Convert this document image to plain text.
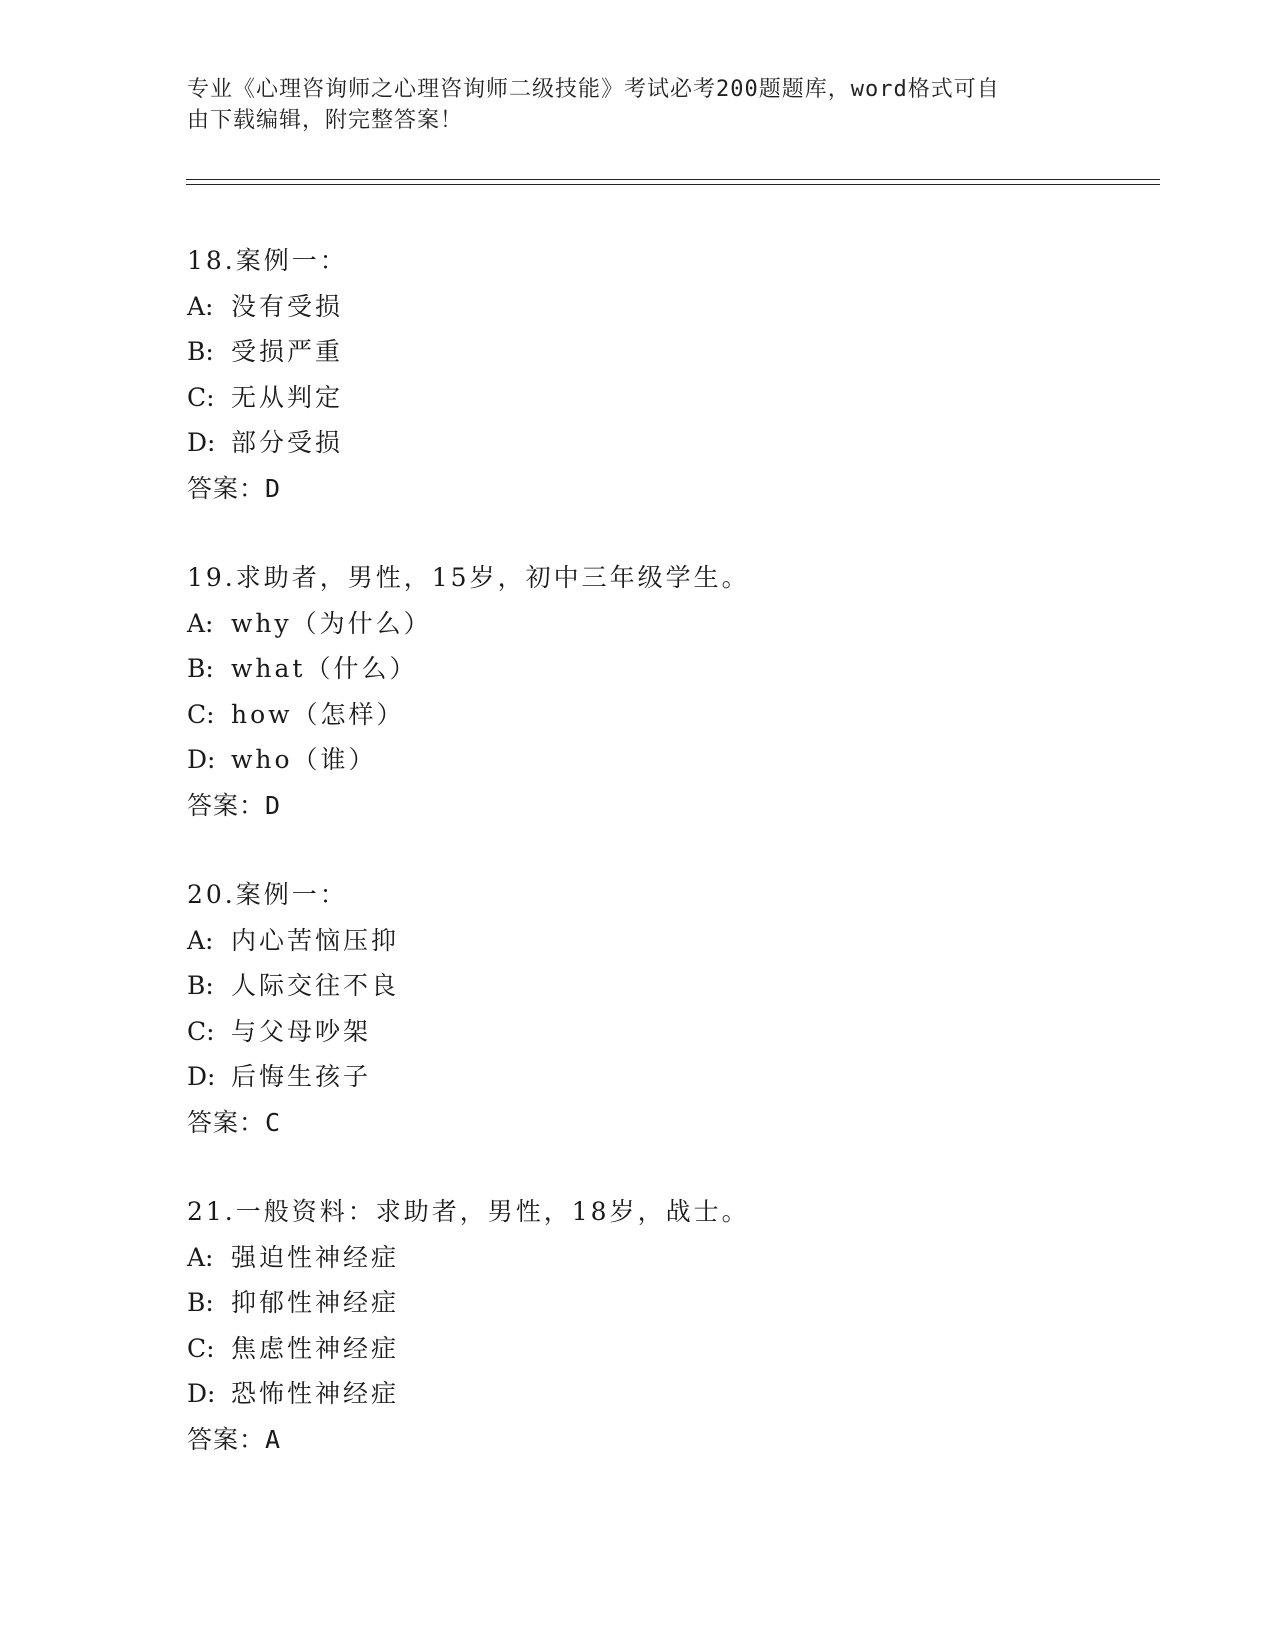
专业《心理咨询师之心理咨询师二级技能》考试必考200题题库，word格式可自
由下载编辑，附完整答案！
18.案例一：
A: 没有受损
B: 受损严重
C: 无从判定
D: 部分受损
答案：D
19.求助者，男性，15岁，初中三年级学生。
A: why（为什么）
B: what（什么）
C: how（怎样）
D: who（谁）
答案：D
20.案例一：
A: 内心苦恼压抑
B: 人际交往不良
C: 与父母吵架
D: 后悔生孩子
答案：C
21.一般资料：求助者，男性，18岁，战士。
A: 强迫性神经症
B: 抑郁性神经症
C: 焦虑性神经症
D: 恐怖性神经症
答案：A
